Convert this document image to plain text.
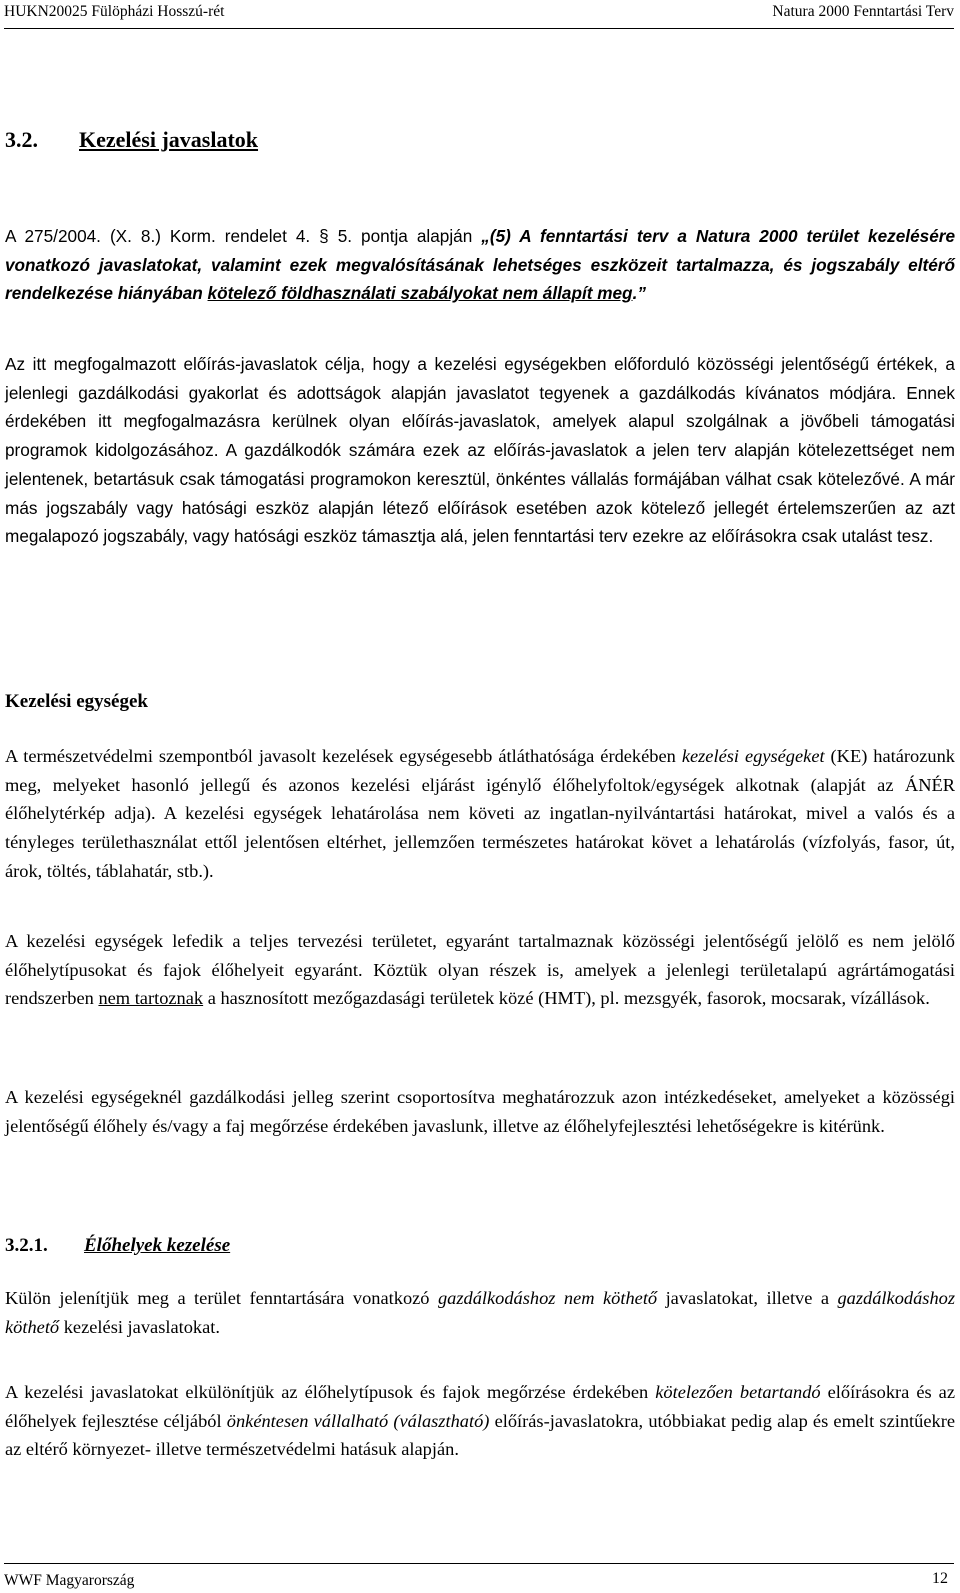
HUKN20025 Fülöpházi Hosszú-rét	Natura 2000 Fenntartási Terv
3.2. Kezelési javaslatok

A 275/2004. (X. 8.) Korm. rendelet 4. § 5. pontja alapján „(5) A fenntartási terv a Natura 2000 terület kezelésére vonatkozó javaslatokat, valamint ezek megvalósításának lehetséges eszközeit tartalmazza, és jogszabály eltérő rendelkezése hiányában kötelező földhasználati szabályokat nem állapít meg.”

Az itt megfogalmazott előírás-javaslatok célja, hogy a kezelési egységekben előforduló közösségi jelentőségű értékek, a jelenlegi gazdálkodási gyakorlat és adottságok alapján javaslatot tegyenek a gazdálkodás kívánatos módjára. Ennek érdekében itt megfogalmazásra kerülnek olyan előírás-javaslatok, amelyek alapul szolgálnak a jövőbeli támogatási programok kidolgozásához. A gazdálkodók számára ezek az előírás-javaslatok a jelen terv alapján kötelezettséget nem jelentenek, betartásuk csak támogatási programokon keresztül, önkéntes vállalás formájában válhat csak kötelezővé. A már más jogszabály vagy hatósági eszköz alapján létező előírások esetében azok kötelező jellegét értelemszerűen az azt megalapozó jogszabály, vagy hatósági eszköz támasztja alá, jelen fenntartási terv ezekre az előírásokra csak utalást tesz.

Kezelési egységek

A természetvédelmi szempontból javasolt kezelések egységesebb átláthatósága érdekében kezelési egységeket (KE) határozunk meg, melyeket hasonló jellegű és azonos kezelési eljárást igénylő élőhelyfoltok/egységek alkotnak (alapját az ÁNÉR élőhelytérkép adja). A kezelési egységek lehatárolása nem követi az ingatlan-nyilvántartási határokat, mivel a valós és a tényleges területhasználat ettől jelentősen eltérhet, jellemzően természetes határokat követ a lehatárolás (vízfolyás, fasor, út, árok, töltés, táblahatár, stb.).

A kezelési egységek lefedik a teljes tervezési területet, egyaránt tartalmaznak közösségi jelentőségű jelölő es nem jelölő élőhelytípusokat és fajok élőhelyeit egyaránt. Köztük olyan részek is, amelyek a jelenlegi területalapú agrártámogatási rendszerben nem tartoznak a hasznosított mezőgazdasági területek közé (HMT), pl. mezsgyék, fasorok, mocsarak, vízállások.

A kezelési egységeknél gazdálkodási jelleg szerint csoportosítva meghatározzuk azon intézkedéseket, amelyeket a közösségi jelentőségű élőhely és/vagy a faj megőrzése érdekében javaslunk, illetve az élőhelyfejlesztési lehetőségekre is kitérünk.

3.2.1. Élőhelyek kezelése

Külön jelenítjük meg a terület fenntartására vonatkozó gazdálkodáshoz nem köthető javaslatokat, illetve a gazdálkodáshoz köthető kezelési javaslatokat.

A kezelési javaslatokat elkülönítjük az élőhelytípusok és fajok megőrzése érdekében kötelezően betartandó előírásokra és az élőhelyek fejlesztése céljából önkéntesen vállalható (választható) előírás-javaslatokra, utóbbiakat pedig alap és emelt szintűekre az eltérő környezet- illetve természetvédelmi hatásuk alapján.

WWF Magyarország	12
